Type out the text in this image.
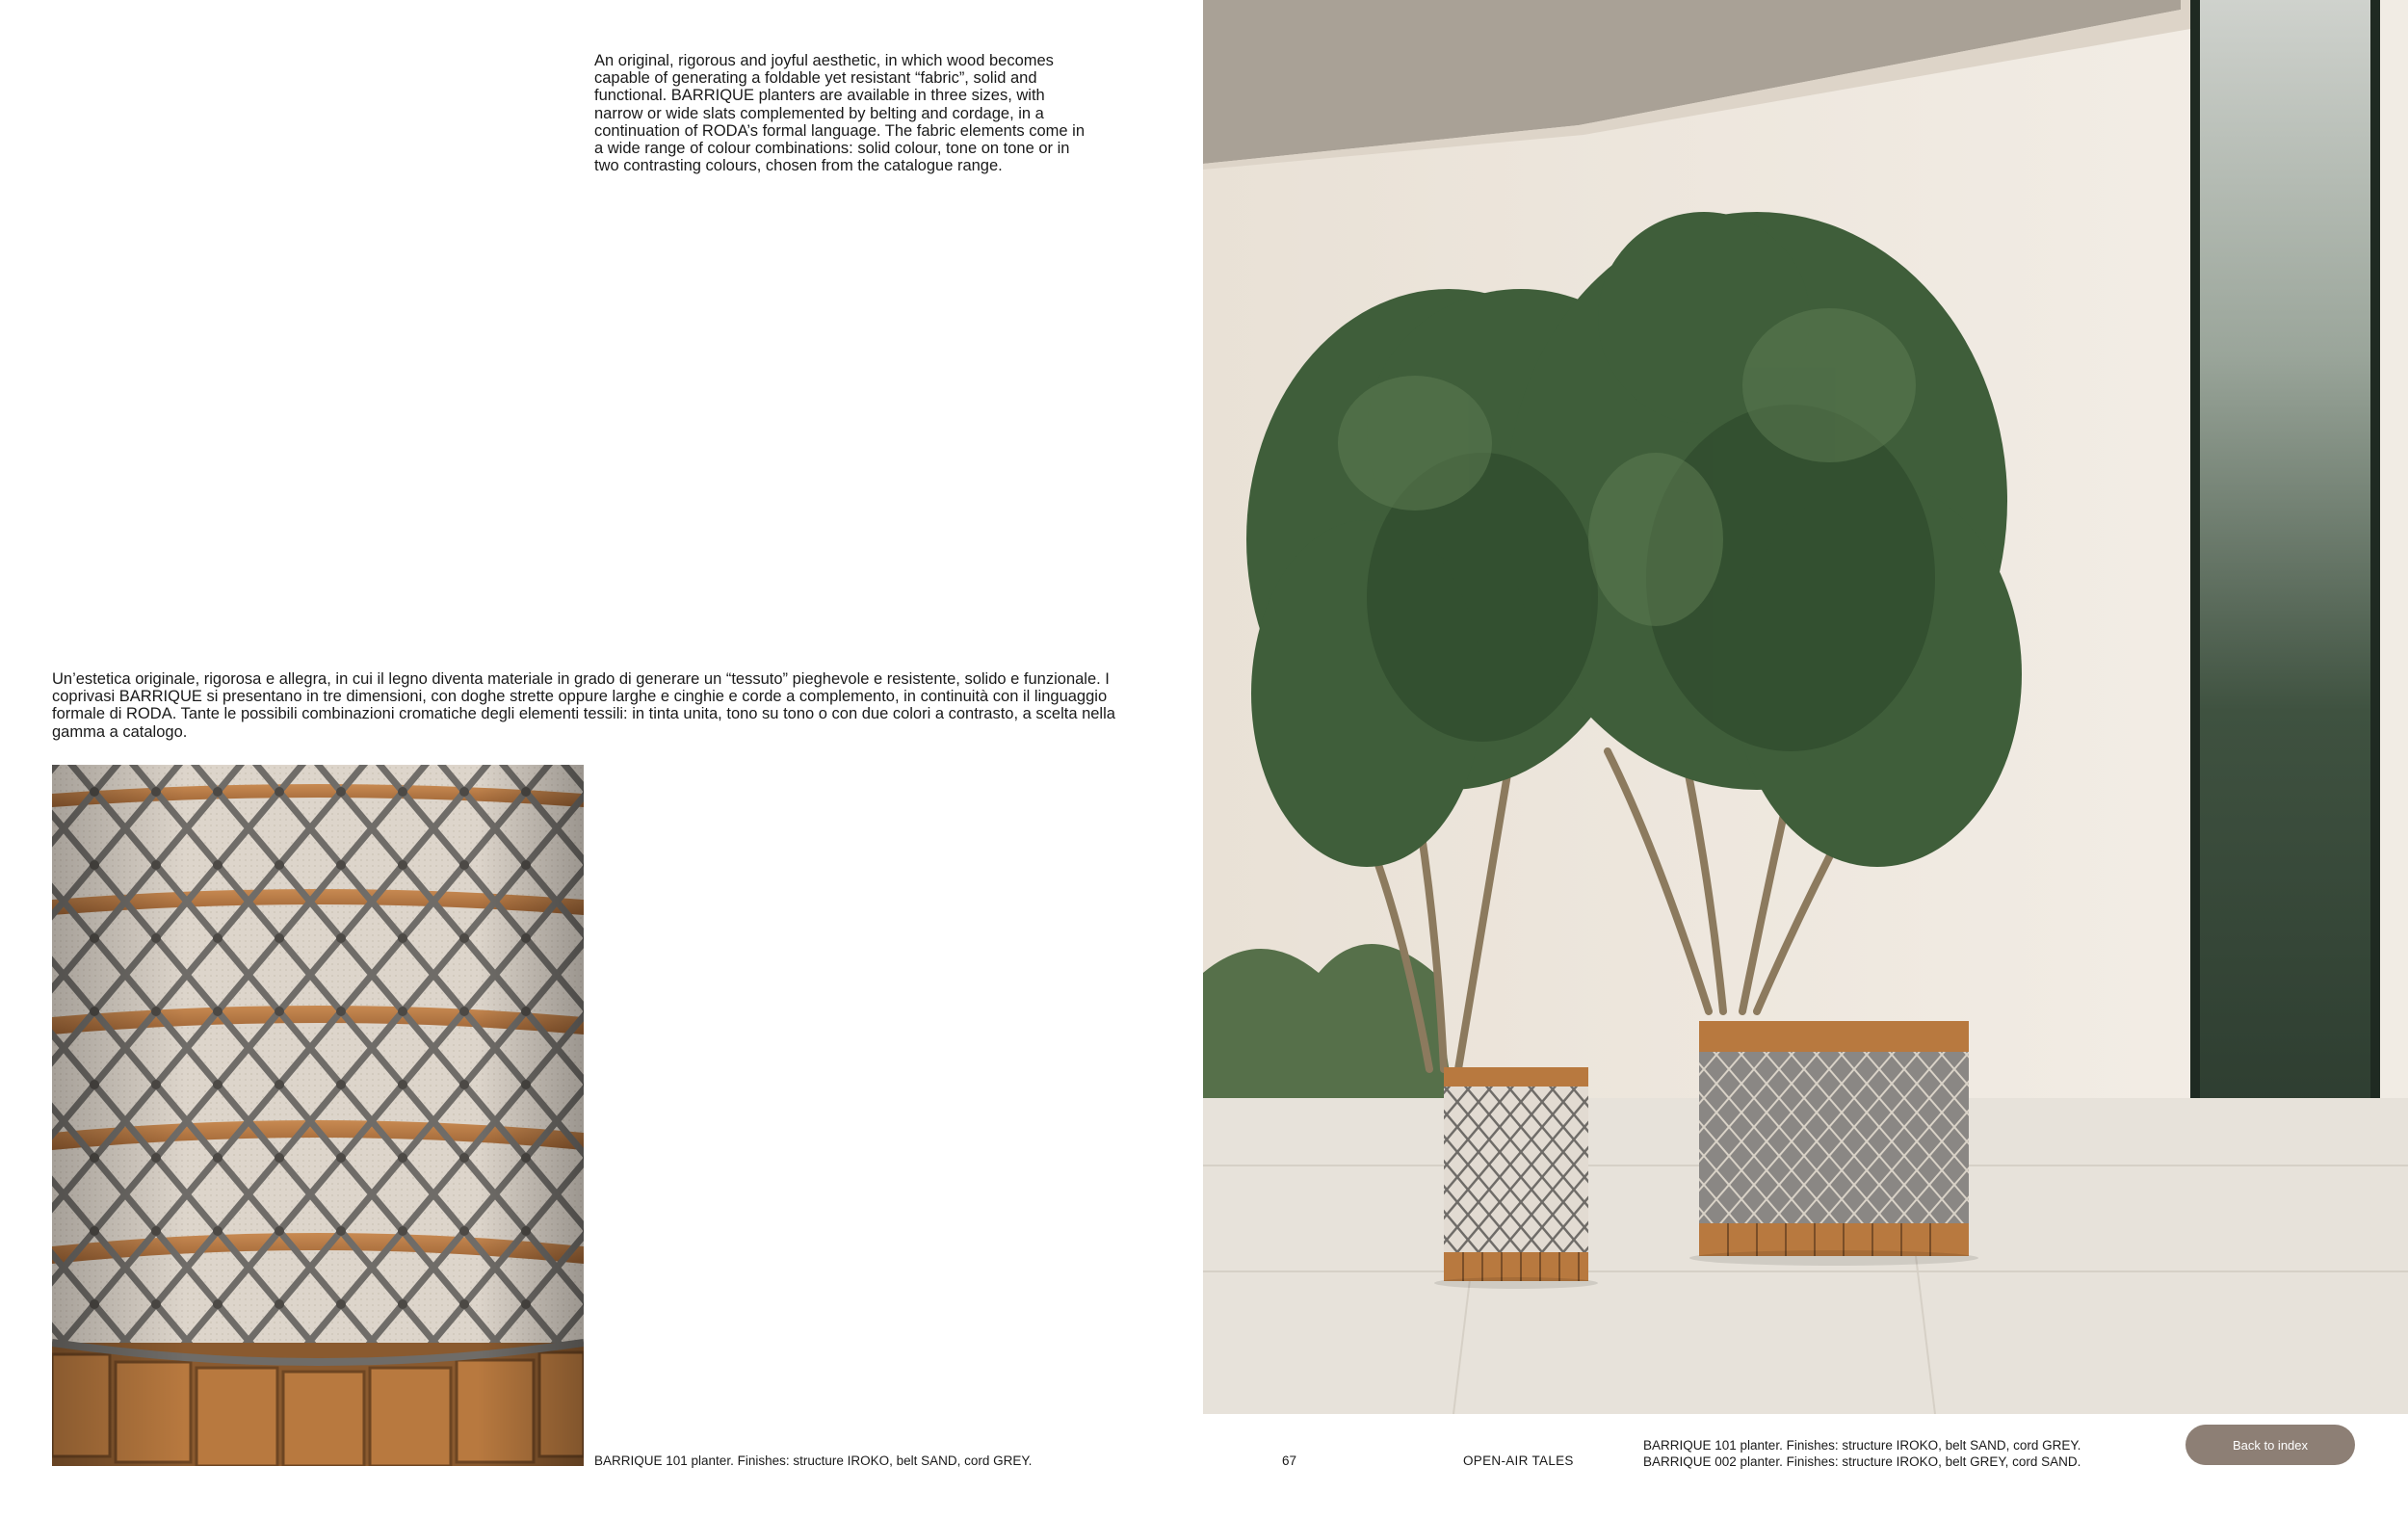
An original, rigorous and joyful aesthetic, in which wood becomes capable of generating a foldable yet resistant “fabric”, solid and functional. BARRIQUE planters are available in three sizes, with narrow or wide slats complemented by belting and cordage, in a continuation of RODA’s formal language. The fabric elements come in a wide range of colour combinations: solid colour, tone on tone or in two contrasting colours, chosen from the catalogue range.

Un’estetica originale, rigorosa e allegra, in cui il legno diventa materiale in grado di generare un “tessuto” pieghevole e resistente, solido e funzionale. I coprivasi BARRIQUE si presentano in tre dimensioni, con doghe strette oppure larghe e cinghie e corde a complemento, in continuità con il linguaggio formale di RODA. Tante le possibili combinazioni cromatiche degli elementi tessili: in tinta unita, tono su tono o con due colori a contrasto, a scelta nella gamma a catalogo.

BARRIQUE 101 planter. Finishes: structure IROKO, belt SAND, cord GREY.	67	OPEN-AIR TALES
BARRIQUE 101 planter. Finishes: structure IROKO, belt SAND, cord GREY.
BARRIQUE 002 planter. Finishes: structure IROKO, belt GREY, cord SAND.
Back to index
